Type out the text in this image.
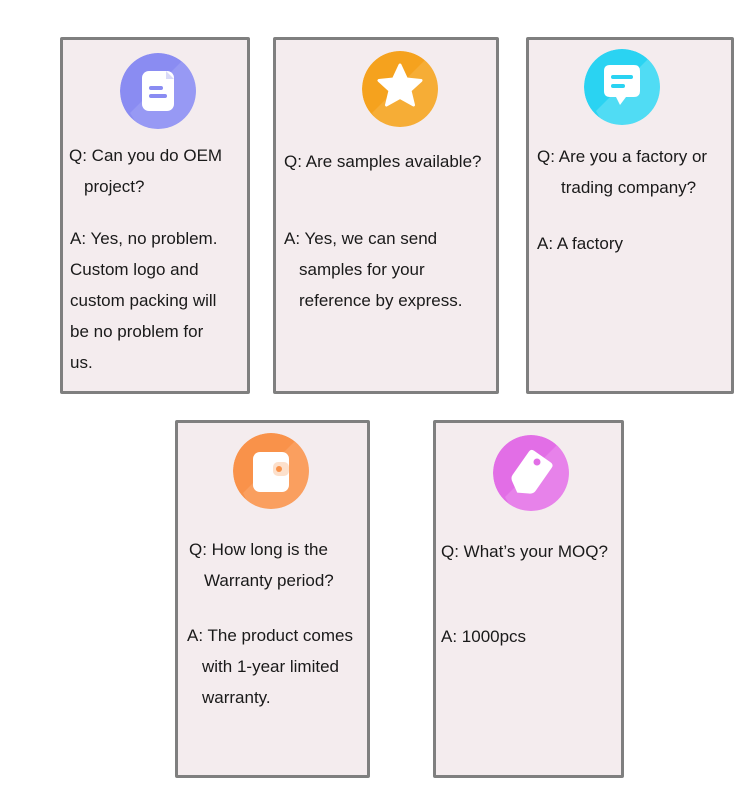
Q: Can you do OEM
project?
A: Yes, no problem.
Custom logo and
custom packing will
be no problem for
us.
Q: Are samples available?
A: Yes, we can send
samples for your
reference by express.
Q: Are you a factory or
trading company?
A: A factory
Q: How long is the
Warranty period?
A: The product comes
with 1-year limited
warranty.
Q: What’s your MOQ?
A: 1000pcs
